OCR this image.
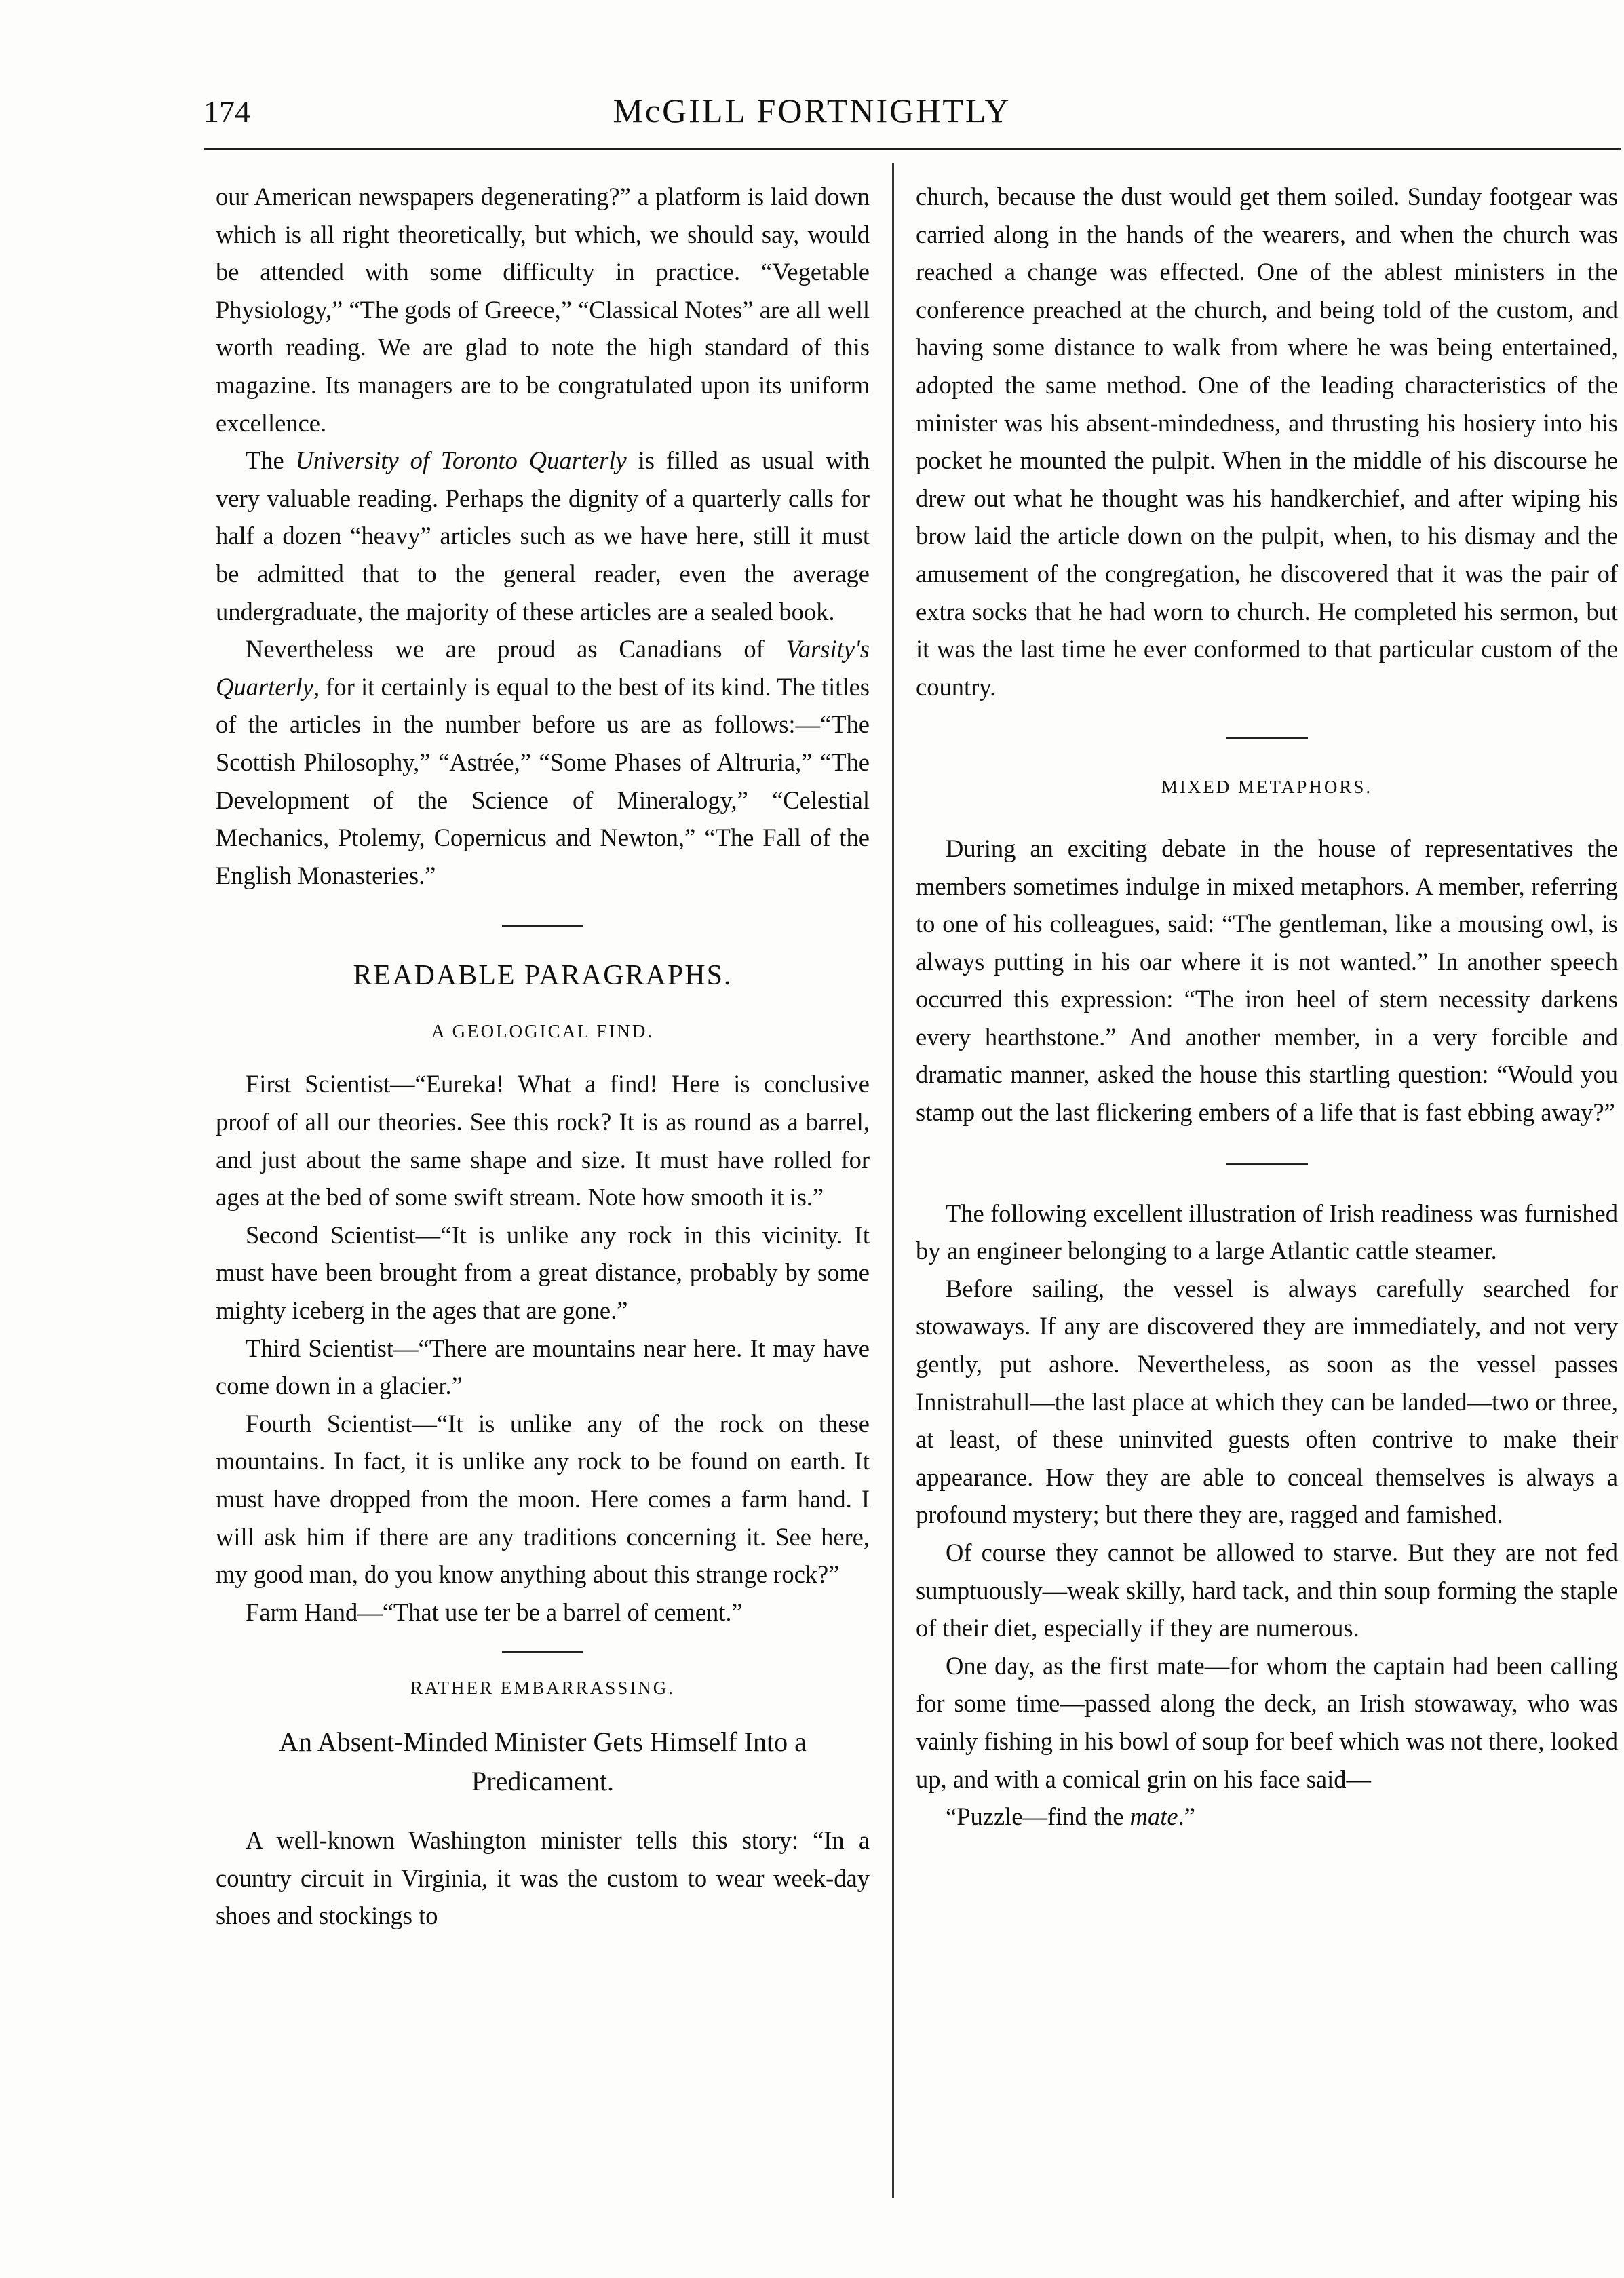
174	McGILL FORTNIGHTLY

our American newspapers degenerating?” a platform is laid down which is all right theoretically, but which, we should say, would be attended with some difficulty in practice. “Vegetable Physiology,” “The gods of Greece,” “Classical Notes” are all well worth reading. We are glad to note the high standard of this magazine. Its managers are to be congratulated upon its uniform excellence.

The University of Toronto Quarterly is filled as usual with very valuable reading. Perhaps the dignity of a quarterly calls for half a dozen “heavy” articles such as we have here, still it must be admitted that to the general reader, even the average undergraduate, the majority of these articles are a sealed book.

Nevertheless we are proud as Canadians of Varsity's Quarterly, for it certainly is equal to the best of its kind. The titles of the articles in the number before us are as follows:—“The Scottish Philosophy,” “Astrée,” “Some Phases of Altruria,” “The Development of the Science of Mineralogy,” “Celestial Mechanics, Ptolemy, Copernicus and Newton,” “The Fall of the English Monasteries.”

READABLE PARAGRAPHS.
A GEOLOGICAL FIND.

First Scientist—“Eureka! What a find! Here is conclusive proof of all our theories. See this rock? It is as round as a barrel, and just about the same shape and size. It must have rolled for ages at the bed of some swift stream. Note how smooth it is.”

Second Scientist—“It is unlike any rock in this vicinity. It must have been brought from a great distance, probably by some mighty iceberg in the ages that are gone.”

Third Scientist—“There are mountains near here. It may have come down in a glacier.”

Fourth Scientist—“It is unlike any of the rock on these mountains. In fact, it is unlike any rock to be found on earth. It must have dropped from the moon. Here comes a farm hand. I will ask him if there are any traditions concerning it. See here, my good man, do you know anything about this strange rock?”

Farm Hand—“That use ter be a barrel of cement.”

RATHER EMBARRASSING.
An Absent-Minded Minister Gets Himself Into a Predicament.

A well-known Washington minister tells this story: “In a country circuit in Virginia, it was the custom to wear week-day shoes and stockings to

church, because the dust would get them soiled. Sunday footgear was carried along in the hands of the wearers, and when the church was reached a change was effected. One of the ablest ministers in the conference preached at the church, and being told of the custom, and having some distance to walk from where he was being entertained, adopted the same method. One of the leading characteristics of the minister was his absent-mindedness, and thrusting his hosiery into his pocket he mounted the pulpit. When in the middle of his discourse he drew out what he thought was his handkerchief, and after wiping his brow laid the article down on the pulpit, when, to his dismay and the amusement of the congregation, he discovered that it was the pair of extra socks that he had worn to church. He completed his sermon, but it was the last time he ever conformed to that particular custom of the country.

MIXED METAPHORS.

During an exciting debate in the house of representatives the members sometimes indulge in mixed metaphors. A member, referring to one of his colleagues, said: “The gentleman, like a mousing owl, is always putting in his oar where it is not wanted.” In another speech occurred this expression: “The iron heel of stern necessity darkens every hearthstone.” And another member, in a very forcible and dramatic manner, asked the house this startling question: “Would you stamp out the last flickering embers of a life that is fast ebbing away?”

The following excellent illustration of Irish readiness was furnished by an engineer belonging to a large Atlantic cattle steamer.

Before sailing, the vessel is always carefully searched for stowaways. If any are discovered they are immediately, and not very gently, put ashore. Nevertheless, as soon as the vessel passes Innistrahull—the last place at which they can be landed—two or three, at least, of these uninvited guests often contrive to make their appearance. How they are able to conceal themselves is always a profound mystery; but there they are, ragged and famished.

Of course they cannot be allowed to starve. But they are not fed sumptuously—weak skilly, hard tack, and thin soup forming the staple of their diet, especially if they are numerous.

One day, as the first mate—for whom the captain had been calling for some time—passed along the deck, an Irish stowaway, who was vainly fishing in his bowl of soup for beef which was not there, looked up, and with a comical grin on his face said—

“Puzzle—find the mate.”
